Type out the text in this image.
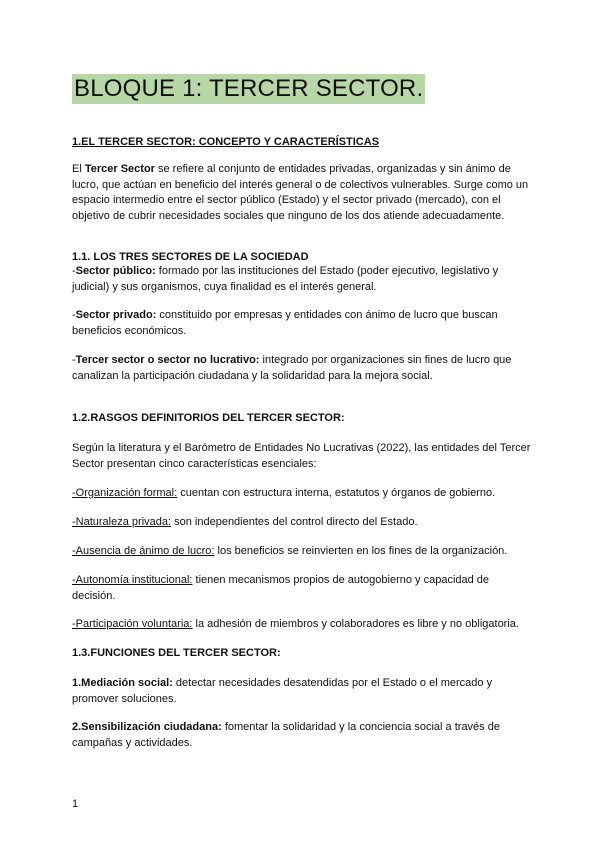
BLOQUE 1: TERCER SECTOR.
1.EL TERCER SECTOR: CONCEPTO Y CARACTERÍSTICAS
El Tercer Sector se refiere al conjunto de entidades privadas, organizadas y sin ánimo de lucro, que actúan en beneficio del interés general o de colectivos vulnerables. Surge como un espacio intermedio entre el sector público (Estado) y el sector privado (mercado), con el objetivo de cubrir necesidades sociales que ninguno de los dos atiende adecuadamente.
1.1. LOS TRES SECTORES DE LA SOCIEDAD
-Sector público: formado por las instituciones del Estado (poder ejecutivo, legislativo y judicial) y sus organismos, cuya finalidad es el interés general.
-Sector privado: constituido por empresas y entidades con ánimo de lucro que buscan beneficios económicos.
-Tercer sector o sector no lucrativo: integrado por organizaciones sin fines de lucro que canalizan la participación ciudadana y la solidaridad para la mejora social.
1.2.RASGOS DEFINITORIOS DEL TERCER SECTOR:
Según la literatura y el Barómetro de Entidades No Lucrativas (2022), las entidades del Tercer Sector presentan cinco características esenciales:
-Organización formal: cuentan con estructura interna, estatutos y órganos de gobierno.
-Naturaleza privada: son independientes del control directo del Estado.
-Ausencia de ánimo de lucro: los beneficios se reinvierten en los fines de la organización.
-Autonomía institucional: tienen mecanismos propios de autogobierno y capacidad de decisión.
-Participación voluntaria: la adhesión de miembros y colaboradores es libre y no obligatoria.
1.3.FUNCIONES DEL TERCER SECTOR:
1.Mediación social: detectar necesidades desatendidas por el Estado o el mercado y promover soluciones.
2.Sensibilización ciudadana: fomentar la solidaridad y la conciencia social a través de campañas y actividades.
1
